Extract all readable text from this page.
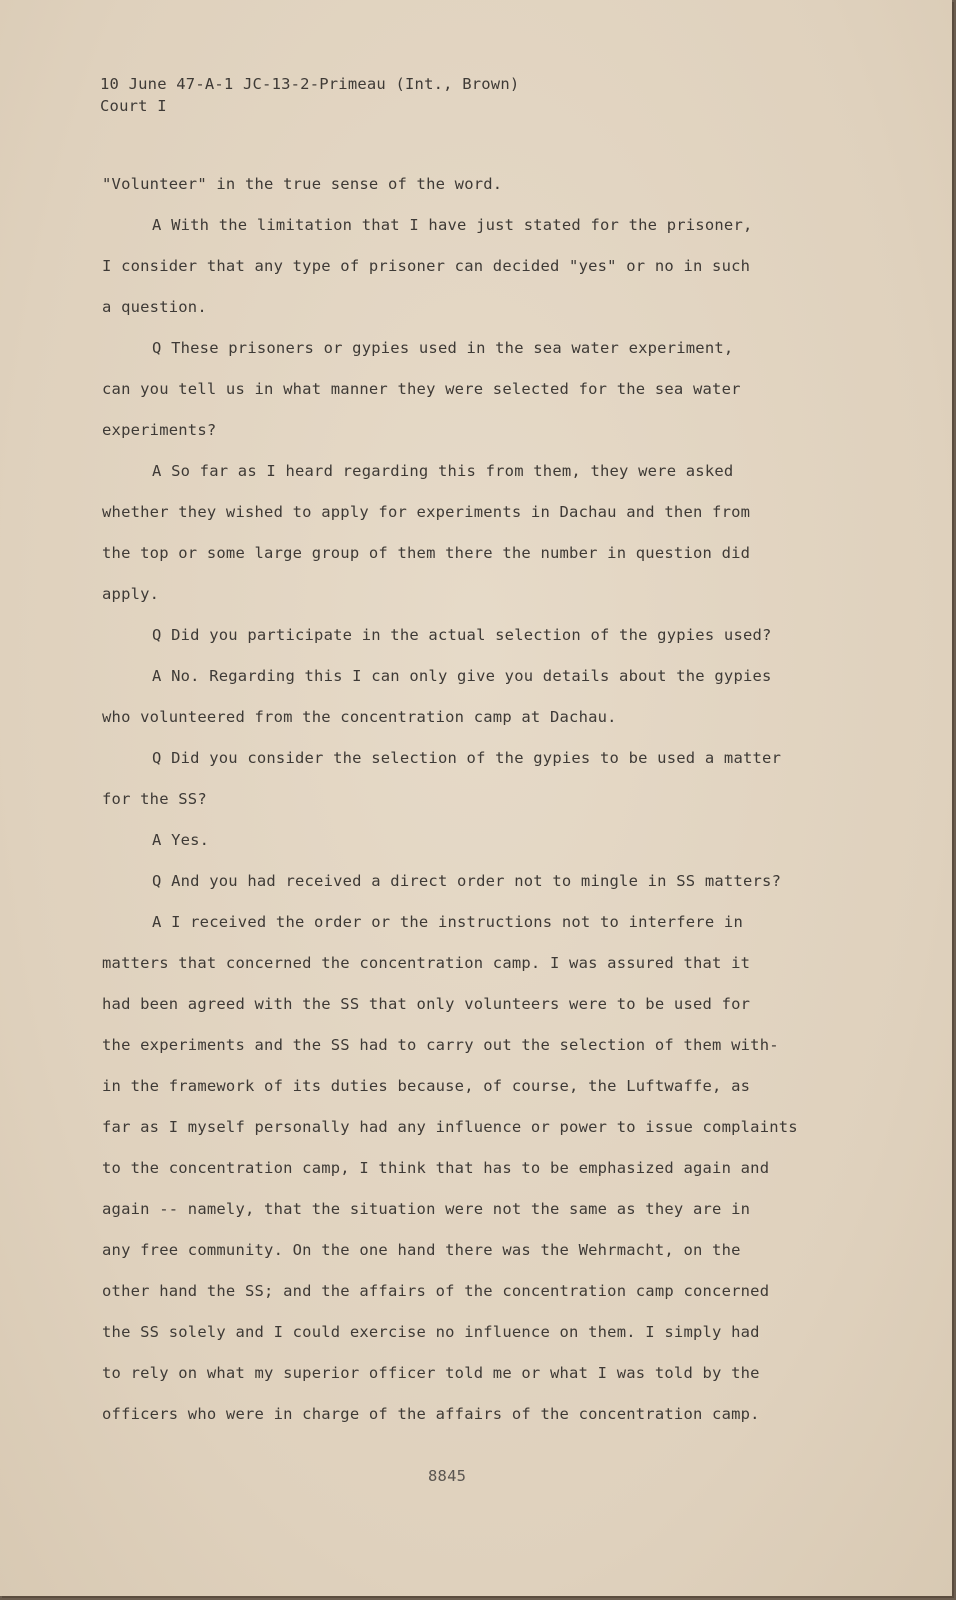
10 June 47-A-1 JC-13-2-Primeau (Int., Brown)
Court I
"Volunteer" in the true sense of the word.
A With the limitation that I have just stated for the prisoner,
I consider that any type of prisoner can decided "yes" or no in such
a question.
Q These prisoners or gypies used in the sea water experiment,
can you tell us in what manner they were selected for the sea water
experiments?
A So far as I heard regarding this from them, they were asked
whether they wished to apply for experiments in Dachau and then from
the top or some large group of them there the number in question did
apply.
Q Did you participate in the actual selection of the gypies used?
A No. Regarding this I can only give you details about the gypies
who volunteered from the concentration camp at Dachau.
Q Did you consider the selection of the gypies to be used a matter
for the SS?
A Yes.
Q And you had received a direct order not to mingle in SS matters?
A I received the order or the instructions not to interfere in
matters that concerned the concentration camp. I was assured that it
had been agreed with the SS that only volunteers were to be used for
the experiments and the SS had to carry out the selection of them with-
in the framework of its duties because, of course, the Luftwaffe, as
far as I myself personally had any influence or power to issue complaints
to the concentration camp, I think that has to be emphasized again and
again -- namely, that the situation were not the same as they are in
any free community. On the one hand there was the Wehrmacht, on the
other hand the SS; and the affairs of the concentration camp concerned
the SS solely and I could exercise no influence on them. I simply had
to rely on what my superior officer told me or what I was told by the
officers who were in charge of the affairs of the concentration camp.
8845
